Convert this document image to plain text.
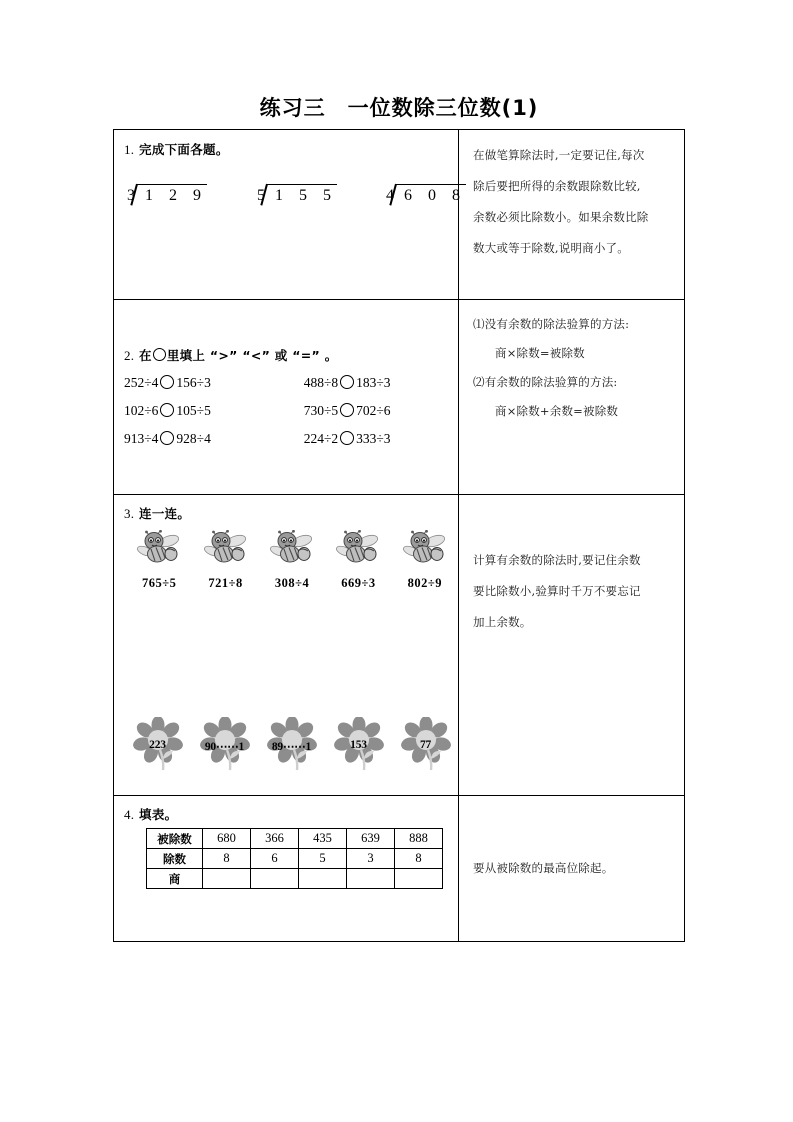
练习三 一位数除三位数(1)
1. 完成下面各题。
3 1 2 9	5 1 5 5	4 6 0 8

在做笔算除法时,一定要记住,每次

除后要把所得的余数跟除数比较,

余数必须比除数小。如果余数比除

数大或等于除数,说明商小了。

2. 在 里填上 “>” “<” 或 “=” 。
252÷4 156÷3	488÷8 183÷3
102÷6 105÷5	730÷5 702÷6
913÷4 928÷4	224÷2 333÷3

⑴没有余数的除法验算的方法:

商×除数=被除数

⑵有余数的除法验算的方法:

商×除数+余数=被除数

3. 连一连。
765÷5	721÷8	308÷4	669÷3	802÷9
223	90⋯⋯1	89⋯⋯1	153	77

计算有余数的除法时,要记住余数

要比除数小,验算时千万不要忘记

加上余数。

4. 填表。
被除数	680	366	435	639	888
除数	8	6	5	3	8
商					

要从被除数的最高位除起。
